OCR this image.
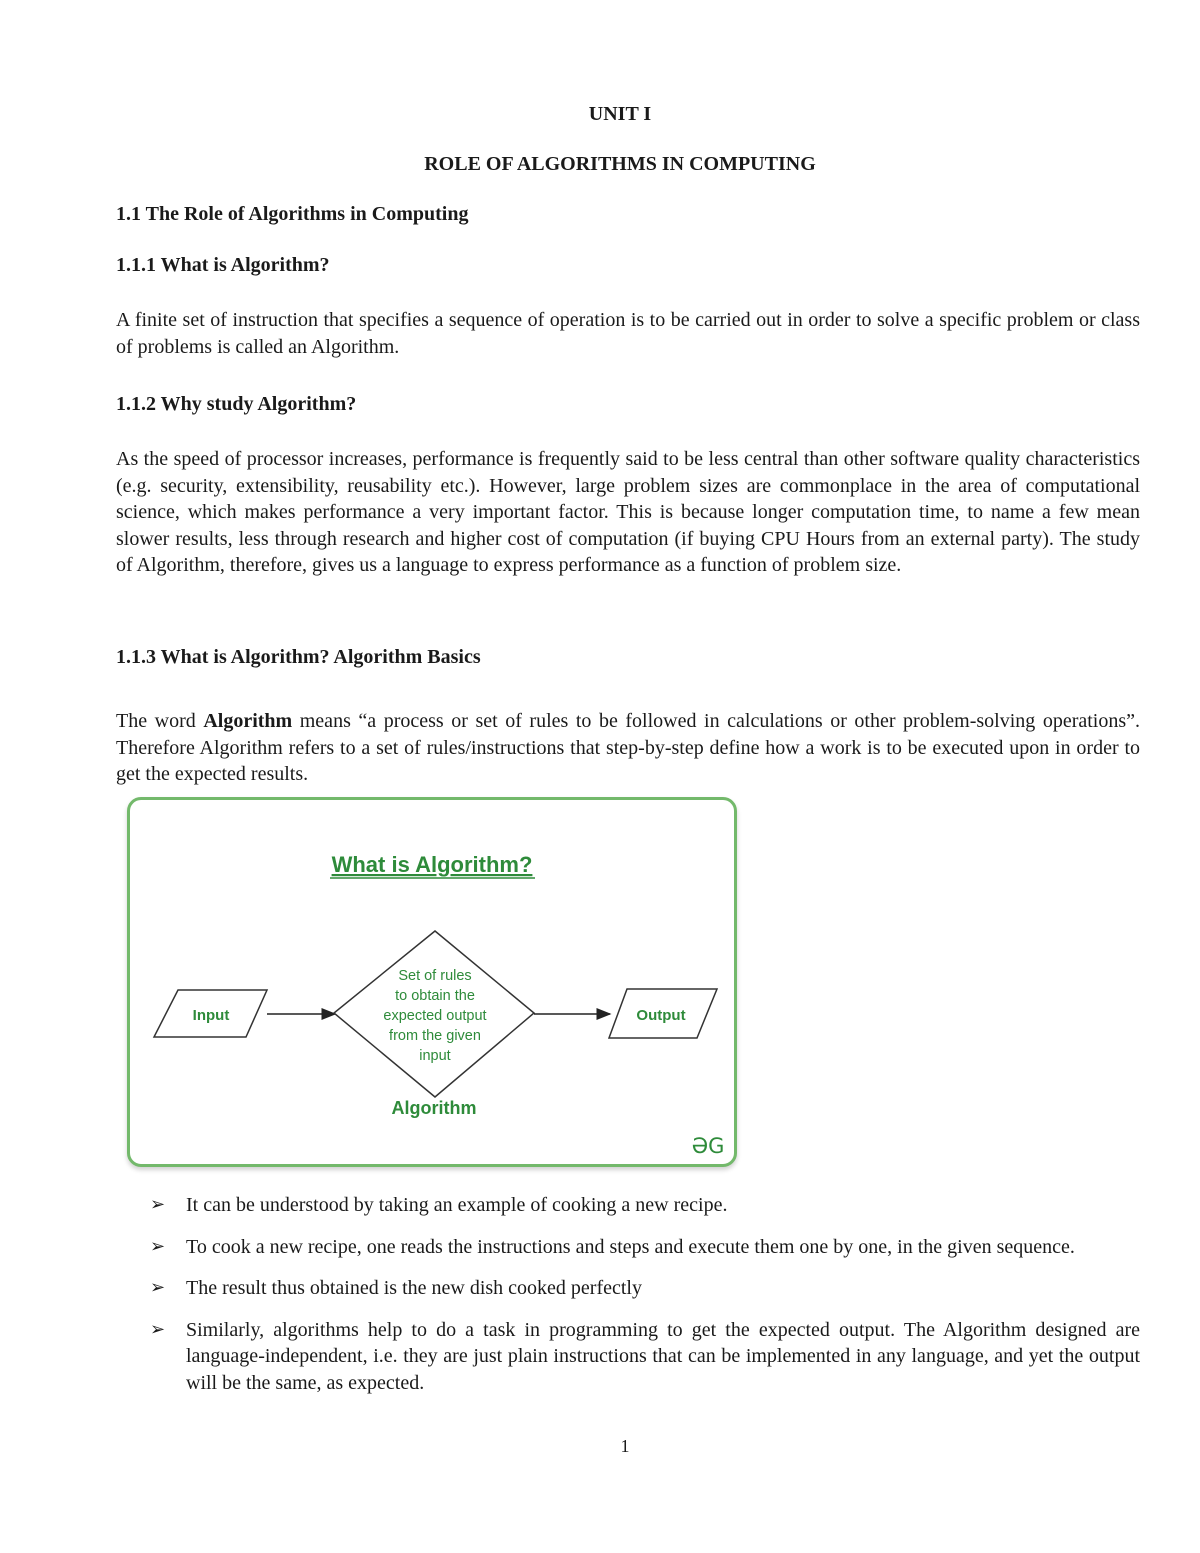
UNIT I
ROLE OF ALGORITHMS IN COMPUTING
1.1 The Role of Algorithms in Computing
1.1.1 What is Algorithm?

A finite set of instruction that specifies a sequence of operation is to be carried out in order to solve a specific problem or class of problems is called an Algorithm.

1.1.2 Why study Algorithm?

As the speed of processor increases, performance is frequently said to be less central than other software quality characteristics (e.g. security, extensibility, reusability etc.). However, large problem sizes are commonplace in the area of computational science, which makes performance a very important factor. This is because longer computation time, to name a few mean slower results, less through research and higher cost of computation (if buying CPU Hours from an external party). The study of Algorithm, therefore, gives us a language to express performance as a function of problem size.

1.1.3 What is Algorithm? Algorithm Basics

The word Algorithm means “a process or set of rules to be followed in calculations or other problem-solving operations”. Therefore Algorithm refers to a set of rules/instructions that step-by-step define how a work is to be executed upon in order to get the expected results.

What is Algorithm?
Input
Set of rules
to obtain the
expected output
from the given
input
Output
Algorithm
ƏG
➢ It can be understood by taking an example of cooking a new recipe.
➢ To cook a new recipe, one reads the instructions and steps and execute them one by one, in the given sequence.
➢ The result thus obtained is the new dish cooked perfectly
➢ Similarly, algorithms help to do a task in programming to get the expected output. The Algorithm designed are language-independent, i.e. they are just plain instructions that can be implemented in any language, and yet the output will be the same, as expected.
1
